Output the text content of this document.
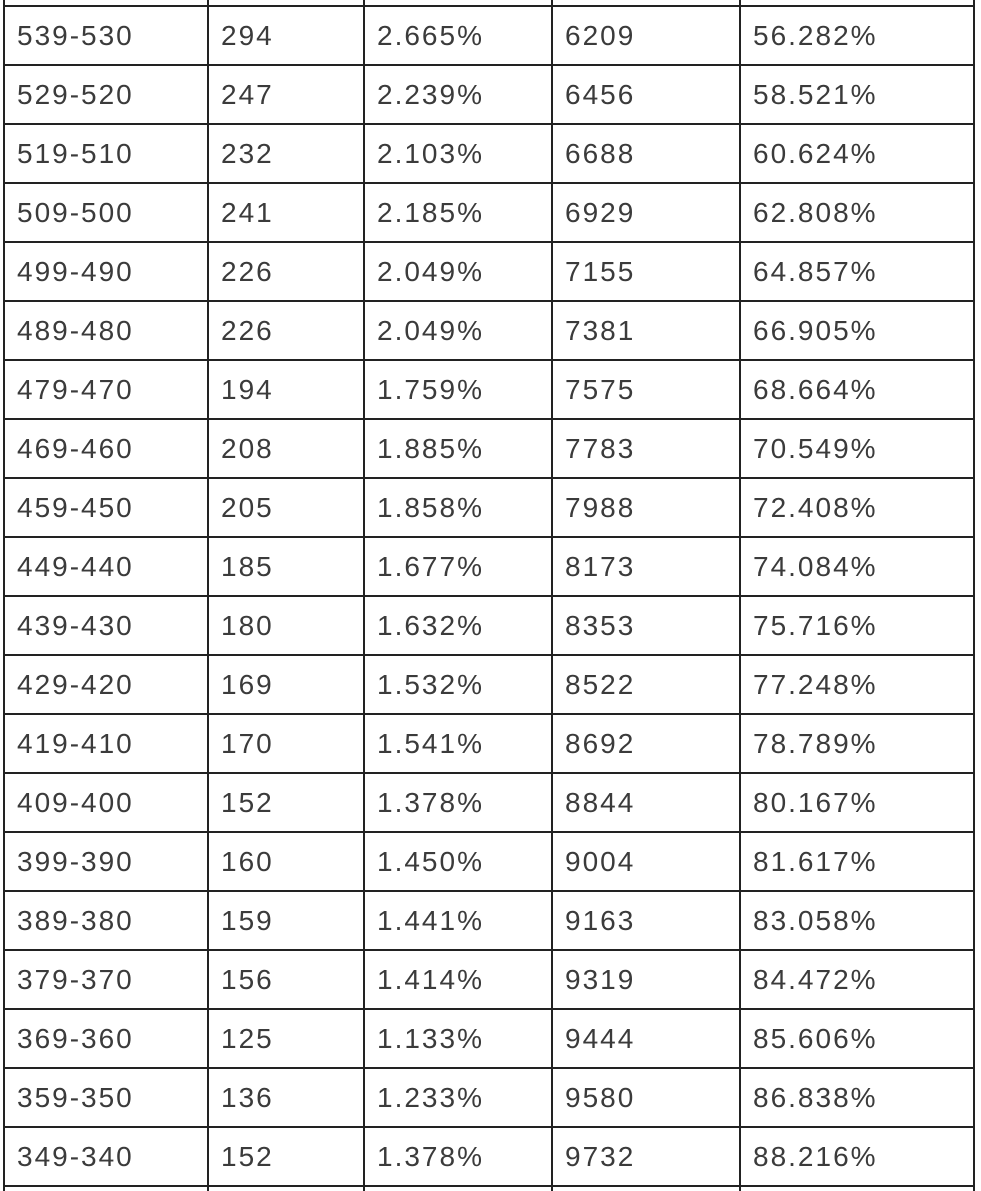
539-530	294	2.665%	6209	56.282%
529-520	247	2.239%	6456	58.521%
519-510	232	2.103%	6688	60.624%
509-500	241	2.185%	6929	62.808%
499-490	226	2.049%	7155	64.857%
489-480	226	2.049%	7381	66.905%
479-470	194	1.759%	7575	68.664%
469-460	208	1.885%	7783	70.549%
459-450	205	1.858%	7988	72.408%
449-440	185	1.677%	8173	74.084%
439-430	180	1.632%	8353	75.716%
429-420	169	1.532%	8522	77.248%
419-410	170	1.541%	8692	78.789%
409-400	152	1.378%	8844	80.167%
399-390	160	1.450%	9004	81.617%
389-380	159	1.441%	9163	83.058%
379-370	156	1.414%	9319	84.472%
369-360	125	1.133%	9444	85.606%
359-350	136	1.233%	9580	86.838%
349-340	152	1.378%	9732	88.216%
